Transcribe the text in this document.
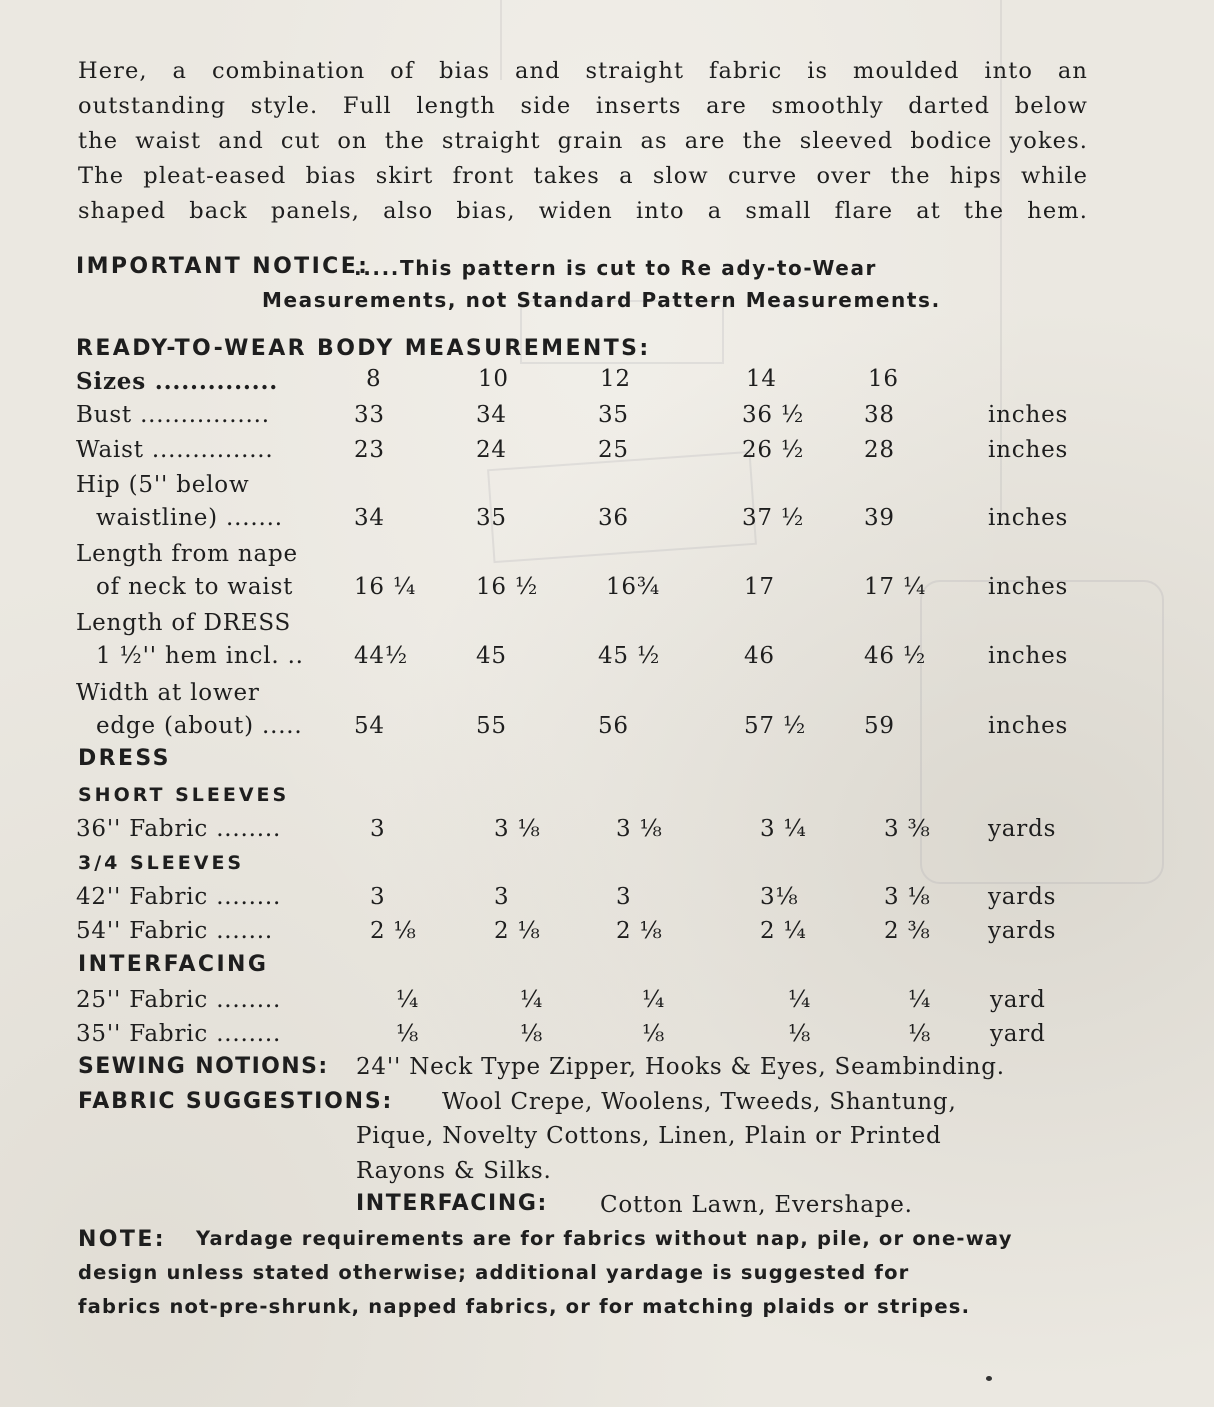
Here, a combination of bias and straight fabric is moulded into an
outstanding style. Full length side inserts are smoothly darted below
the waist and cut on the straight grain as are the sleeved bodice yokes.
The pleat-eased bias skirt front takes a slow curve over the hips while
shaped back panels, also bias, widen into a small flare at the hem.
IMPORTANT NOTICE:
.....This pattern is cut to Re ady-to-Wear
Measurements, not Standard Pattern Measurements.
READY-TO-WEAR BODY MEASUREMENTS:
Sizes ..............	8	10	12	14	16
Bust ................	33	34	35	36 ½	38	inches
Waist ...............	23	24	25	26 ½	28	inches
Hip (5'' below
waistline) .......	34	35	36	37 ½	39	inches
Length from nape
of neck to waist	16 ¼	16 ½	16¾	17	17 ¼	inches
Length of DRESS
1 ½'' hem incl. .. 44½	45	45 ½	46	46 ½	inches
Width at lower
edge (about) ..... 54	55	56	57 ½	59	inches
DRESS
SHORT SLEEVES
36'' Fabric ........	3	3 ⅛	3 ⅛	3 ¼	3 ⅜ yards
3/4 SLEEVES
42'' Fabric ........	3	3	3	3⅛	3 ⅛ yards
54'' Fabric .......	2 ⅛	2 ⅛	2 ⅛	2 ¼	2 ⅜ yards
INTERFACING
25'' Fabric ........	¼	¼	¼	¼	¼	yard
35'' Fabric ........	⅛	⅛	⅛	⅛	⅛	yard
SEWING NOTIONS: 24'' Neck Type Zipper, Hooks & Eyes, Seambinding.
FABRIC SUGGESTIONS: Wool Crepe, Woolens, Tweeds, Shantung,
Pique, Novelty Cottons, Linen, Plain or Printed
Rayons & Silks.
INTERFACING: Cotton Lawn, Evershape.
NOTE: Yardage requirements are for fabrics without nap, pile, or one-way
design unless stated otherwise; additional yardage is suggested for
fabrics not-pre-shrunk, napped fabrics, or for matching plaids or stripes.
